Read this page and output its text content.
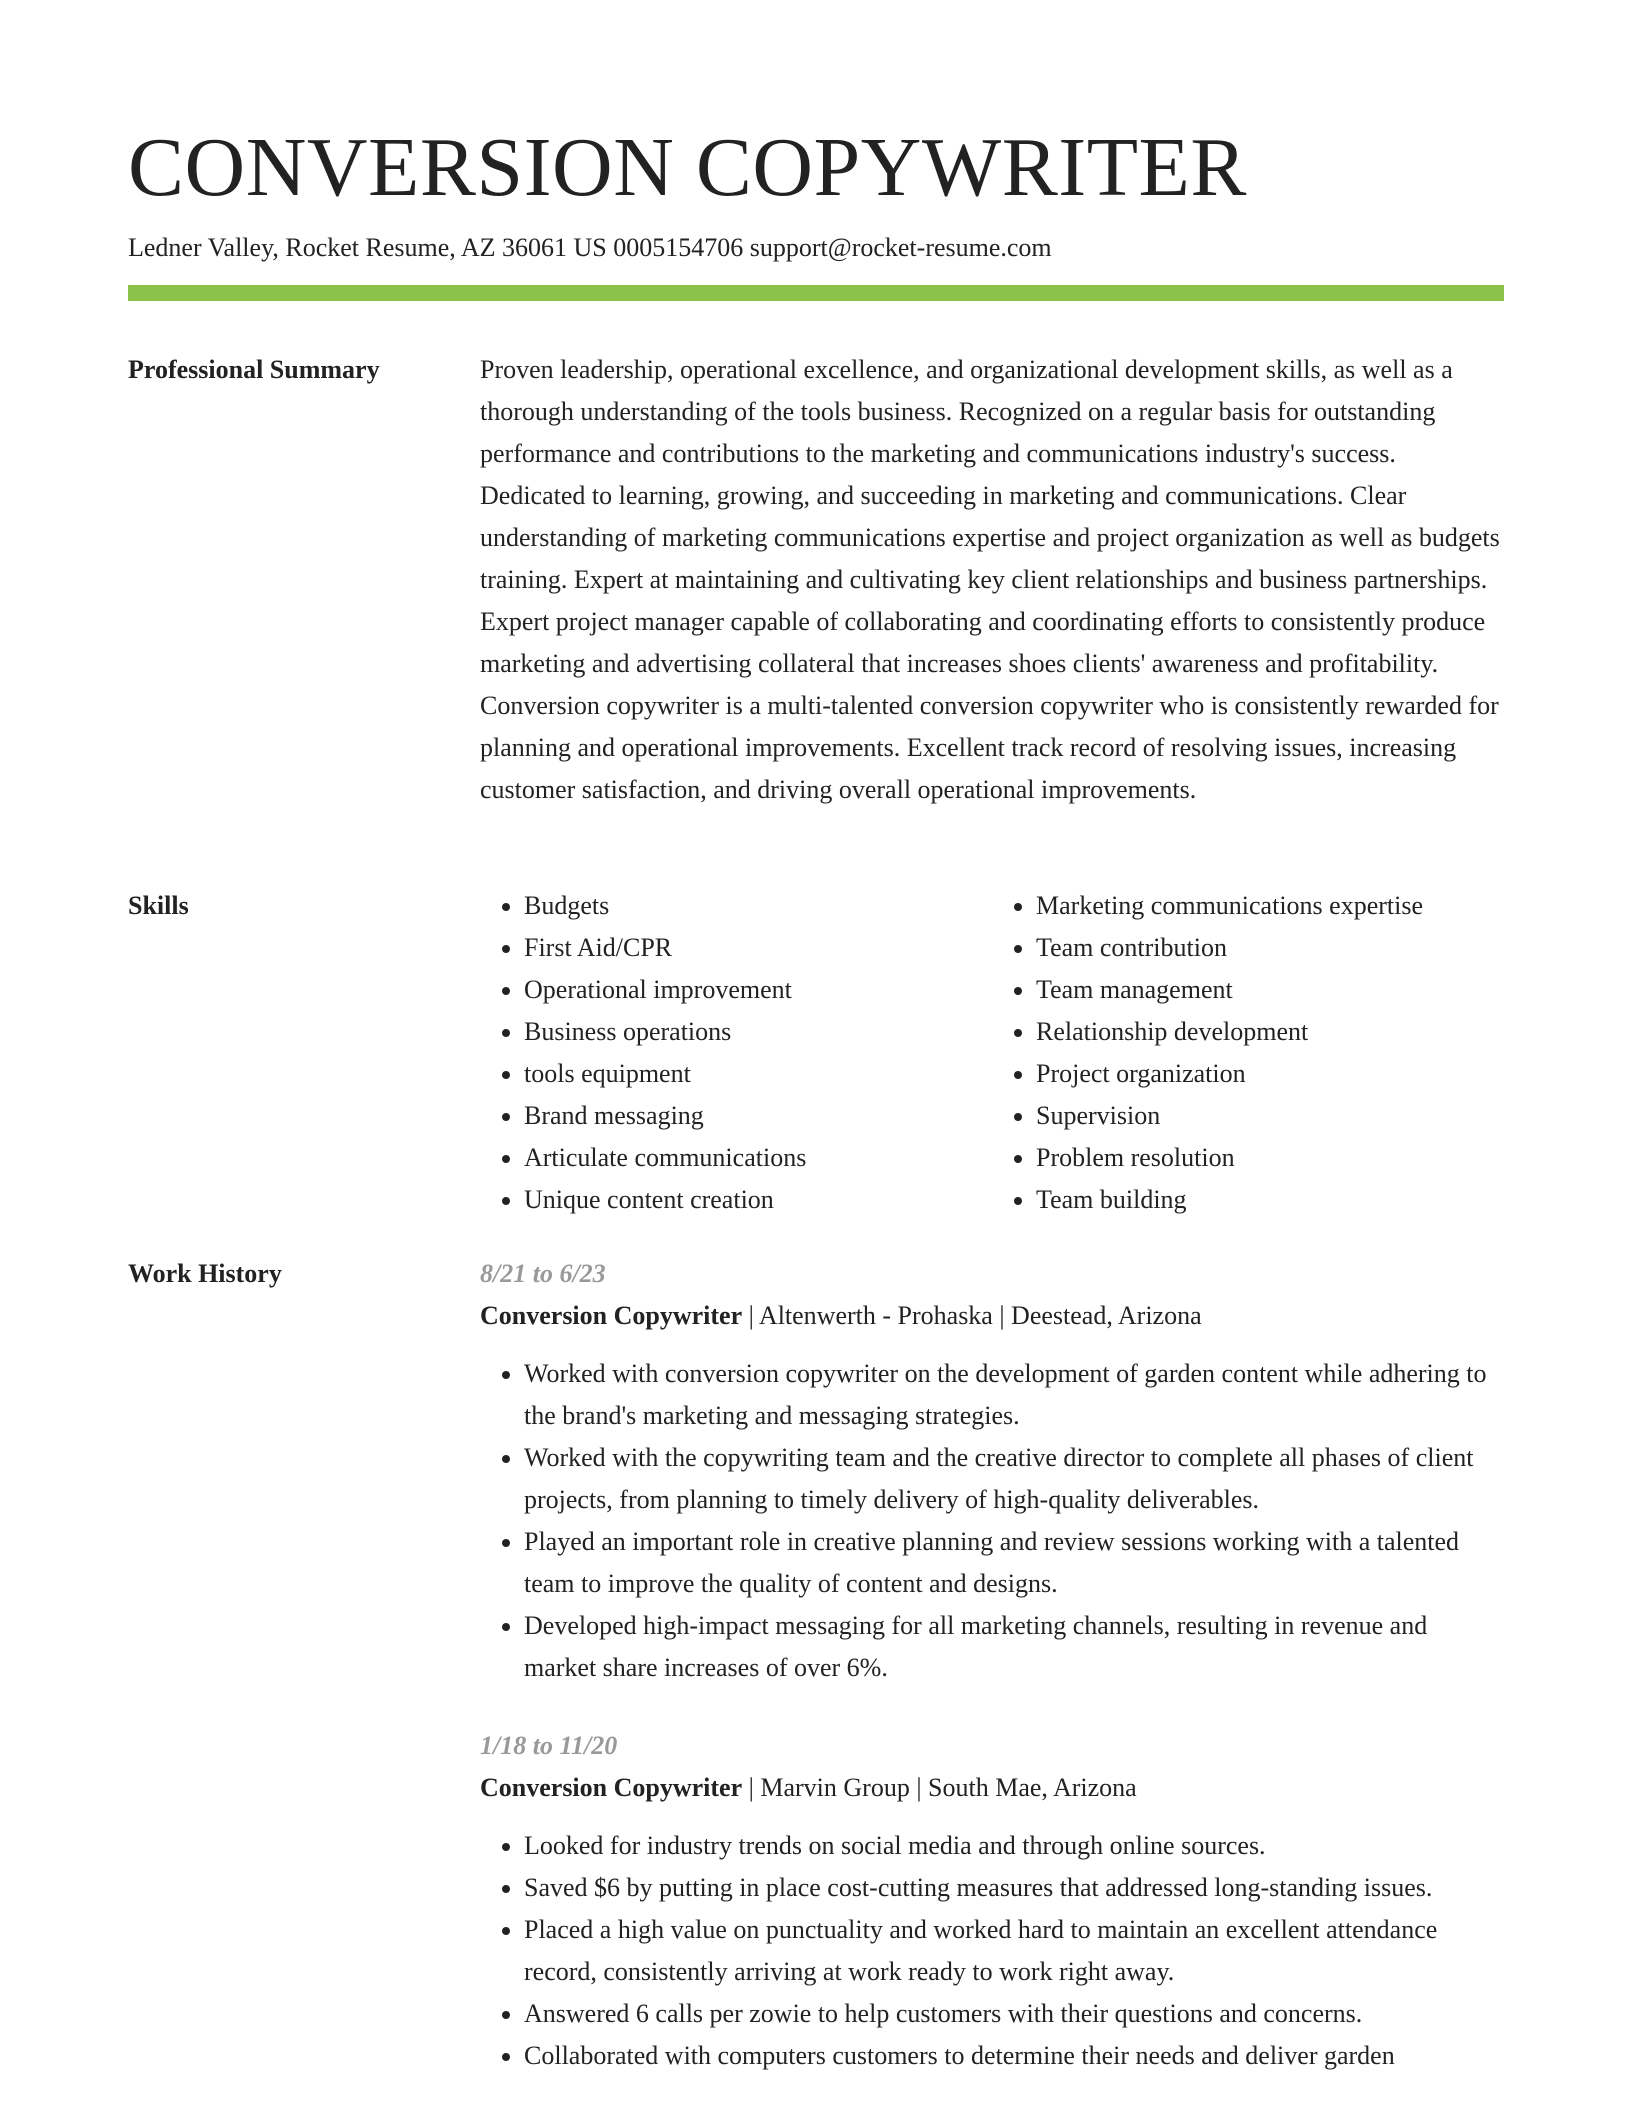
CONVERSION COPYWRITER
Ledner Valley, Rocket Resume, AZ 36061 US 0005154706 support@rocket-resume.com
Professional Summary	Proven leadership, operational excellence, and organizational development skills, as well as a thorough understanding of the tools business. Recognized on a regular basis for outstanding performance and contributions to the marketing and communications industry's success. Dedicated to learning, growing, and succeeding in marketing and communications. Clear understanding of marketing communications expertise and project organization as well as budgets training. Expert at maintaining and cultivating key client relationships and business partnerships. Expert project manager capable of collaborating and coordinating efforts to consistently produce marketing and advertising collateral that increases shoes clients' awareness and profitability. Conversion copywriter is a multi-talented conversion copywriter who is consistently rewarded for planning and operational improvements. Excellent track record of resolving issues, increasing customer satisfaction, and driving overall operational improvements.

Skills
•	Budgets
• First Aid/CPR
• Operational improvement
• Business operations
• tools equipment
• Brand messaging
• Articulate communications
• Unique content creation
• Marketing communications expertise
• Team contribution
• Team management
• Relationship development
• Project organization
• Supervision
• Problem resolution
• Team building
Work History	8/21 to 6/23
Conversion Copywriter | Altenwerth - Prohaska | Deestead, Arizona
• Worked with conversion copywriter on the development of garden content while adhering to the brand's marketing and messaging strategies.
• Worked with the copywriting team and the creative director to complete all phases of client projects, from planning to timely delivery of high-quality deliverables.
• Played an important role in creative planning and review sessions working with a talented team to improve the quality of content and designs.
• Developed high-impact messaging for all marketing channels, resulting in revenue and market share increases of over 6%.
1/18 to 11/20
Conversion Copywriter | Marvin Group | South Mae, Arizona
• Looked for industry trends on social media and through online sources.
• Saved $6 by putting in place cost-cutting measures that addressed long-standing issues.
• Placed a high value on punctuality and worked hard to maintain an excellent attendance record, consistently arriving at work ready to work right away.
• Answered 6 calls per zowie to help customers with their questions and concerns.
• Collaborated with computers customers to determine their needs and deliver garden
